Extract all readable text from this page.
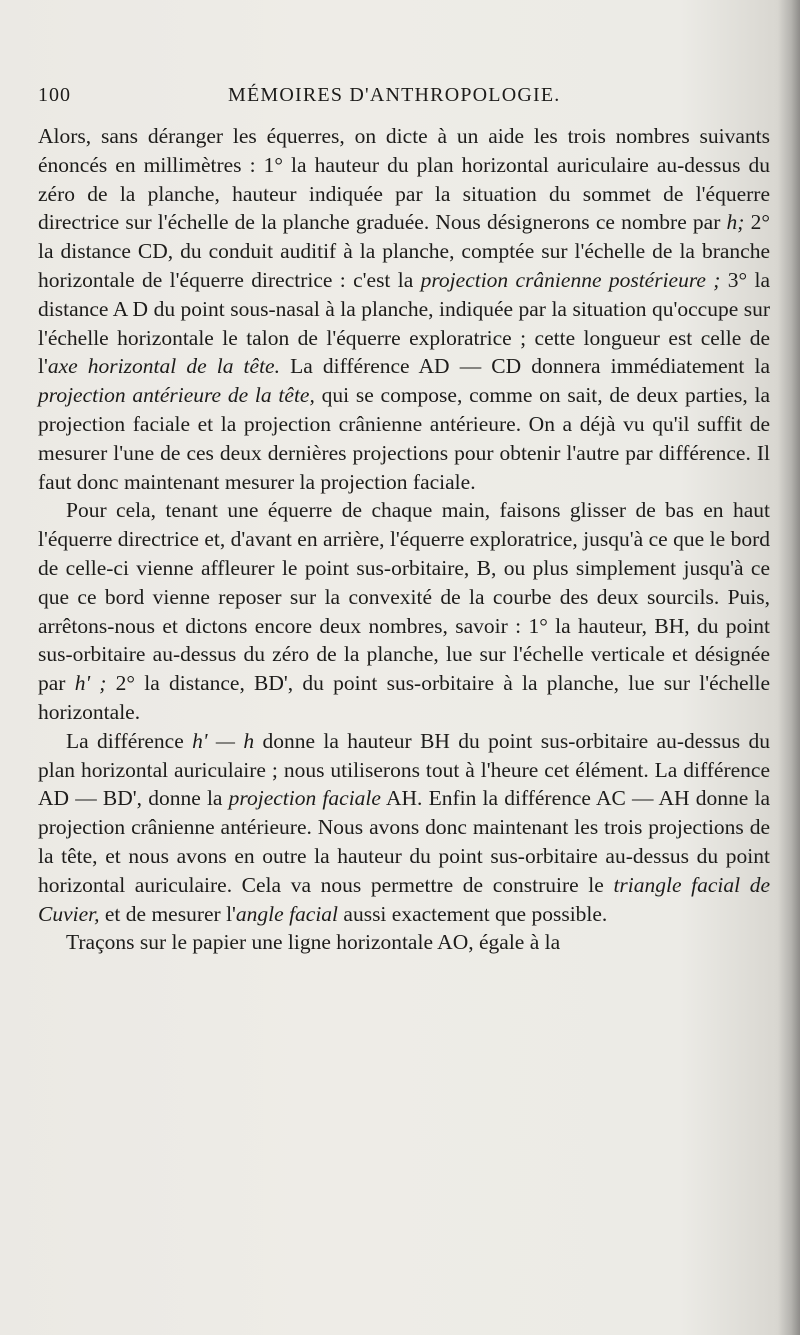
100	MÉMOIRES D'ANTHROPOLOGIE.

Alors, sans déranger les équerres, on dicte à un aide les trois nombres suivants énoncés en millimètres : 1° la hauteur du plan horizontal auriculaire au-dessus du zéro de la planche, hauteur indiquée par la situation du sommet de l'équerre directrice sur l'échelle de la planche graduée. Nous désignerons ce nombre par h; 2° la distance CD, du conduit auditif à la planche, comptée sur l'échelle de la branche horizontale de l'équerre directrice : c'est la projection crânienne postérieure ; 3° la distance A D du point sous-nasal à la planche, indiquée par la situation qu'occupe sur l'échelle horizontale le talon de l'équerre exploratrice ; cette longueur est celle de l'axe horizontal de la tête. La différence AD — CD donnera immédiatement la projection antérieure de la tête, qui se compose, comme on sait, de deux parties, la projection faciale et la projection crânienne antérieure. On a déjà vu qu'il suffit de mesurer l'une de ces deux dernières projections pour obtenir l'autre par différence. Il faut donc maintenant mesurer la projection faciale.

Pour cela, tenant une équerre de chaque main, faisons glisser de bas en haut l'équerre directrice et, d'avant en arrière, l'équerre exploratrice, jusqu'à ce que le bord de celle-ci vienne affleurer le point sus-orbitaire, B, ou plus simplement jusqu'à ce que ce bord vienne reposer sur la convexité de la courbe des deux sourcils. Puis, arrêtons-nous et dictons encore deux nombres, savoir : 1° la hauteur, BH, du point sus-orbitaire au-dessus du zéro de la planche, lue sur l'échelle verticale et désignée par h' ; 2° la distance, BD', du point sus-orbitaire à la planche, lue sur l'échelle horizontale.

La différence h' — h donne la hauteur BH du point sus-orbitaire au-dessus du plan horizontal auriculaire ; nous utiliserons tout à l'heure cet élément. La différence AD — BD', donne la projection faciale AH. Enfin la différence AC — AH donne la projection crânienne antérieure. Nous avons donc maintenant les trois projections de la tête, et nous avons en outre la hauteur du point sus-orbitaire au-dessus du point horizontal auriculaire. Cela va nous permettre de construire le triangle facial de Cuvier, et de mesurer l'angle facial aussi exactement que possible.

Traçons sur le papier une ligne horizontale AO, égale à la
